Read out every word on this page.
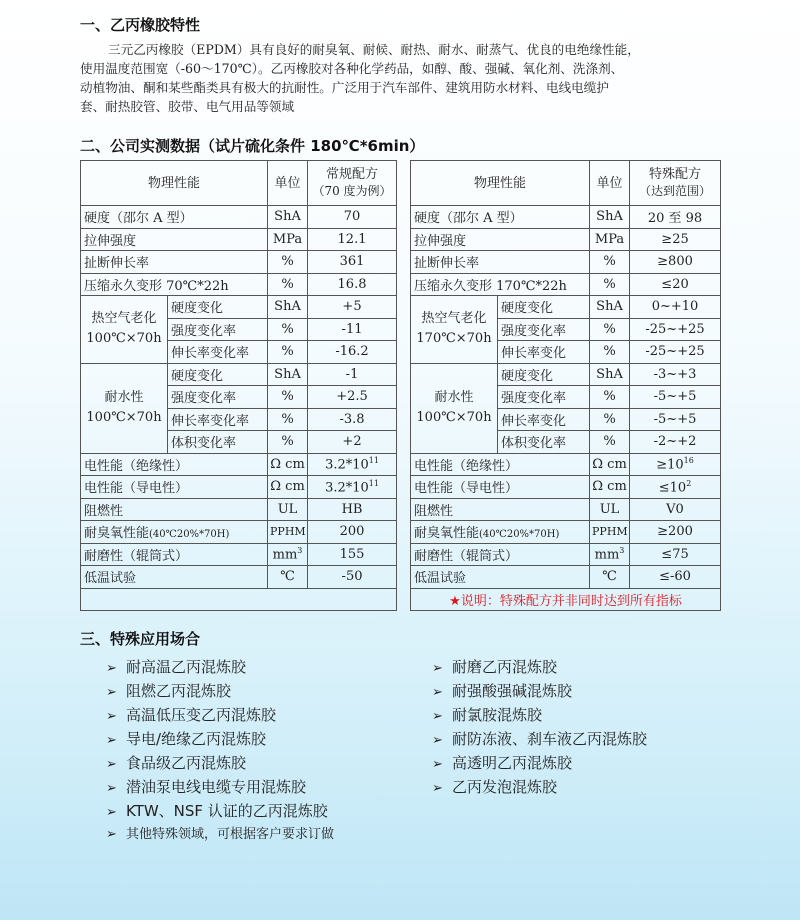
一、乙丙橡胶特性
三元乙丙橡胶（EPDM）具有良好的耐臭氧、耐候、耐热、耐水、耐蒸气、优良的电绝缘性能，
使用温度范围宽（-60～170℃）。乙丙橡胶对各种化学药品，如醇、酸、强碱、氧化剂、洗涤剂、
动植物油、酮和某些酯类具有极大的抗耐性。广泛用于汽车部件、建筑用防水材料、电线电缆护
套、耐热胶管、胶带、电气用品等领域
二、公司实测数据（试片硫化条件 180℃*6min）
物理性能		单位	常规配方
（70 度为例）

硬度（邵尔 A 型）		ShA	70
拉伸强度		MPa	12.1
扯断伸长率		%	361
压缩永久变形 70℃*22h		%	16.8

热空气老化
100℃×70h	硬度变化	ShA	+5
	强度变化率	%	-11
	伸长率变化率	%	-16.2

耐水性
100℃×70h	硬度变化	ShA	-1
	强度变化率	%	+2.5
	伸长率变化率	%	-3.8
	体积变化率	%	+2
电性能（绝缘性）		Ω cm	$3.2*10^{11}$
电性能（导电性）		Ω cm	$3.2*10^{11}$
阻燃性		UL	HB
耐臭氧性能(40℃20%*70H)		PPHM	200
耐磨性（辊筒式）		$mm^3$	155
低温试验		℃	-50

物理性能		单位	特殊配方
（达到范围）

硬度（邵尔 A 型）		ShA	20 至 98
拉伸强度		MPa	≥25
扯断伸长率		%	≥800
压缩永久变形 170℃*22h		%	≤20

热空气老化
170℃×70h	硬度变化	ShA	0~+10
	强度变化率	%	-25~+25
	伸长率变化	%	-25~+25

耐水性
100℃×70h	硬度变化	ShA	-3~+3
	强度变化率	%	-5~+5
	伸长率变化	%	-5~+5
	体积变化率	%	-2~+2
电性能（绝缘性）		Ω cm	$\ge 10^{16}$
电性能（导电性）		Ω cm	$\le 10^2$
阻燃性		UL	V0
耐臭氧性能(40℃20%*70H)		PPHM	≥200
耐磨性（辊筒式）		$mm^3$	≤75
低温试验		℃	≤-60
★说明：特殊配方并非同时达到所有指标			
三、特殊应用场合
➢ 耐高温乙丙混炼胶
➢ 阻燃乙丙混炼胶
➢ 高温低压变乙丙混炼胶
➢ 导电/绝缘乙丙混炼胶
➢ 食品级乙丙混炼胶
➢ 潜油泵电线电缆专用混炼胶
➢ KTW、NSF 认证的乙丙混炼胶
➢ 其他特殊领域，可根据客户要求订做
➢ 耐磨乙丙混炼胶
➢ 耐强酸强碱混炼胶
➢ 耐氯胺混炼胶
➢ 耐防冻液、刹车液乙丙混炼胶
➢ 高透明乙丙混炼胶
➢ 乙丙发泡混炼胶
